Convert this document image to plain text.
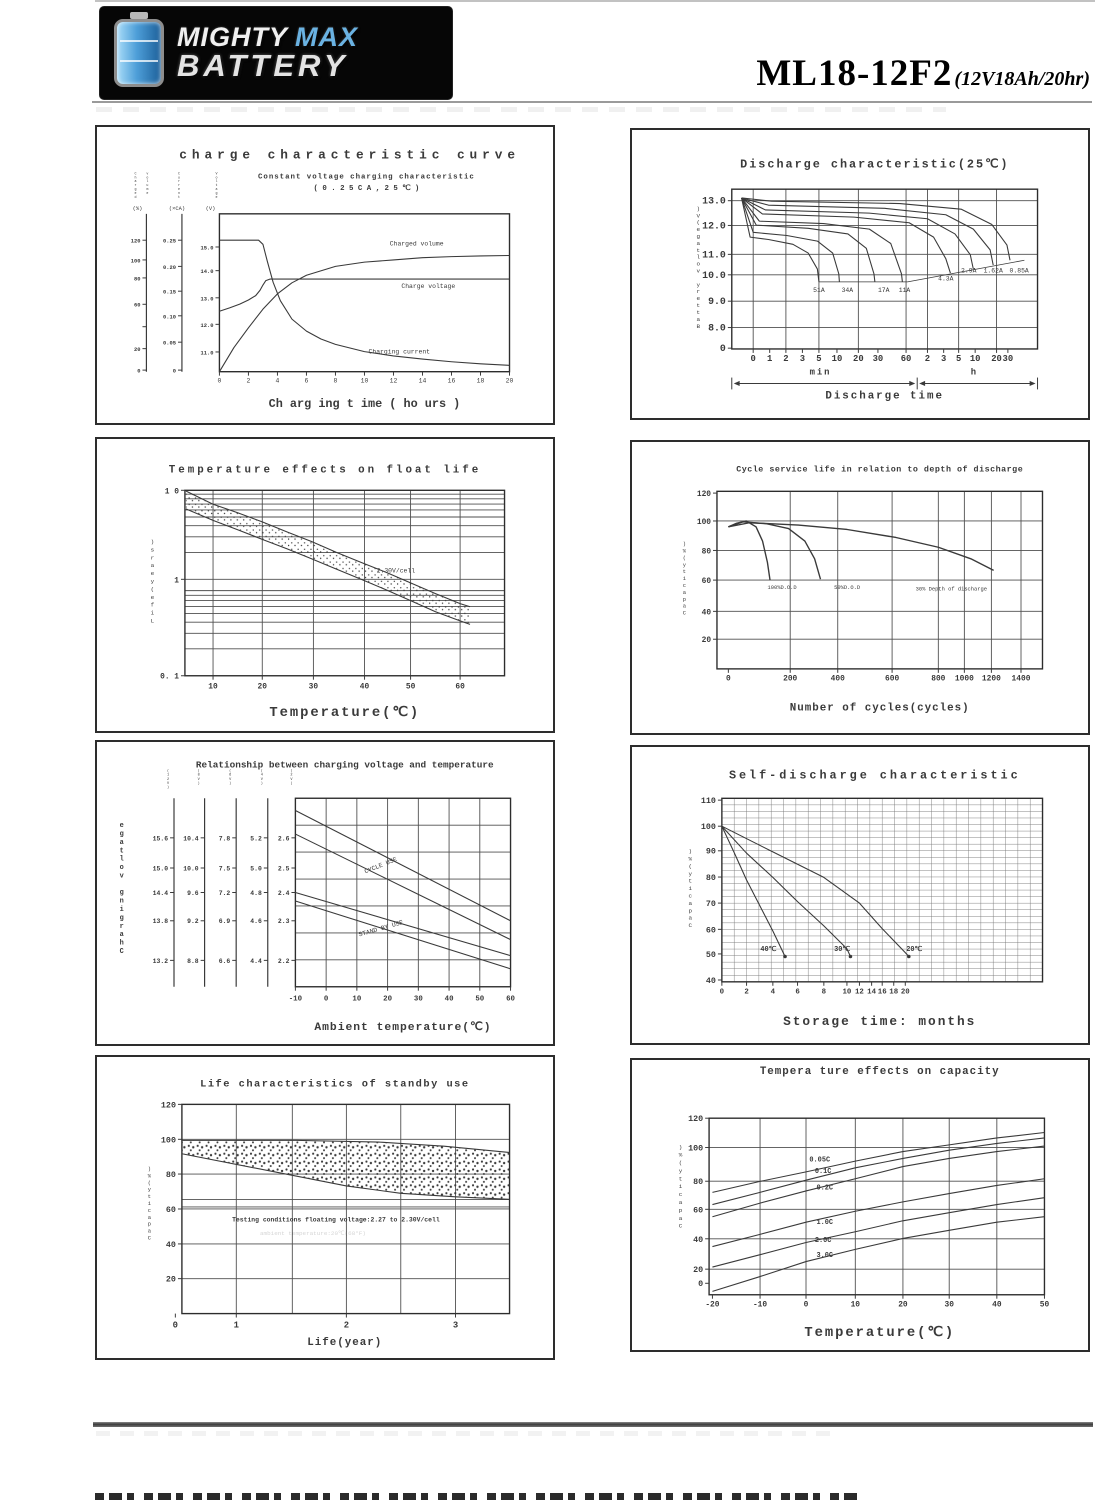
MIGHTY MAX
BATTERY	ML18-12F2 (12V18Ah/20hr)
120
100
80
60
20
0
0.25
0.20
0.15
0.10
0.05
0
15.0
14.0
13.0
12.0
11.0
0	2	4	6	8	10	12	14	16	18	20
Charged volume
Charge voltage
Charging current
charge characteristic curve
Constant voltage charging characteristic
( 0 . 2 5 C A , 2 5 ℃ )
(%)	(×CA)	(V)
Ch arg ing t ime ( ho urs )
C
h
a
r
g
e
d
v
o
l
u
m
e
C
u
r
r
e
n
t
V
o
l
t
a
g
e
0 1 2 3 5 10 20 30 60 2 3 5 10 20 30
13.0
12.0
11.0
10.0
9.0
8.0
0
51A	34A	17A 11A
4.3A
2.9A 1.62A 0.85A
Discharge characteristic(25℃)
min	h
Discharge time
)
V
(
e
g
a
t
l
o
v
y
r
e
t
t
a
B
10	20	30	40	50	60
1 0
1
0. 1
2.30V/cell
Temperature effects on float life
Temperature(℃)
)
s
r
a
e
y
(
e
f
i
L
0	200	400	600	800 1000 1200 1400
120
100
80
60
40
20
100%D.O.D	50%D.O.D	30% Depth of discharge
Cycle service life in relation to depth of discharge
Number of cycles(cycles)
)
%
(
y
t
i
c
a
p
a
C
15.6
15.0
14.4
13.8
13.2
10.4
10.0
9.6
9.2
8.8
7.8
7.5
7.2
6.9
6.6
5.2
5.0
4.8
4.6
4.4
2.6
2.5
2.4
2.3
2.2
-10	0	10	20	30	40	50	60
CYCLE USE
STAND BY USE
Relationship between charging voltage and temperature
Ambient temperature(℃)
e
g
a
t
l
o
v
g
n
i
g
r
a
h
C
(
1
2
V
)
(
8
V
)
(
6
V
)
(
4
V
)
(
2
V
)
0	2	4	6	8 10 12 14 16 18 20
110
100
90
80
70
60
50
40
40℃	30℃	20℃
Self-discharge characteristic
Storage time: months
)
%
(
y
t
i
c
a
p
a
C
0	1	2	3
120
100
80
60
40
20
Testing conditions floating voltage:2.27 to 2.30V/cell
ambient temperature:20℃(68°F)
Life characteristics of standby use
Life(year)
)
%
(
y
t
i
c
a
p
a
C
-20	-10	0	10	20	30	40	50
120
100
80
60
40
20
0
0.05C
0.1C
0.2C
1.0C
2.0C
3.0C
Tempera ture effects on capacity
Temperature(℃)
)
%
(
y
t
i
c
a
p
a
C
